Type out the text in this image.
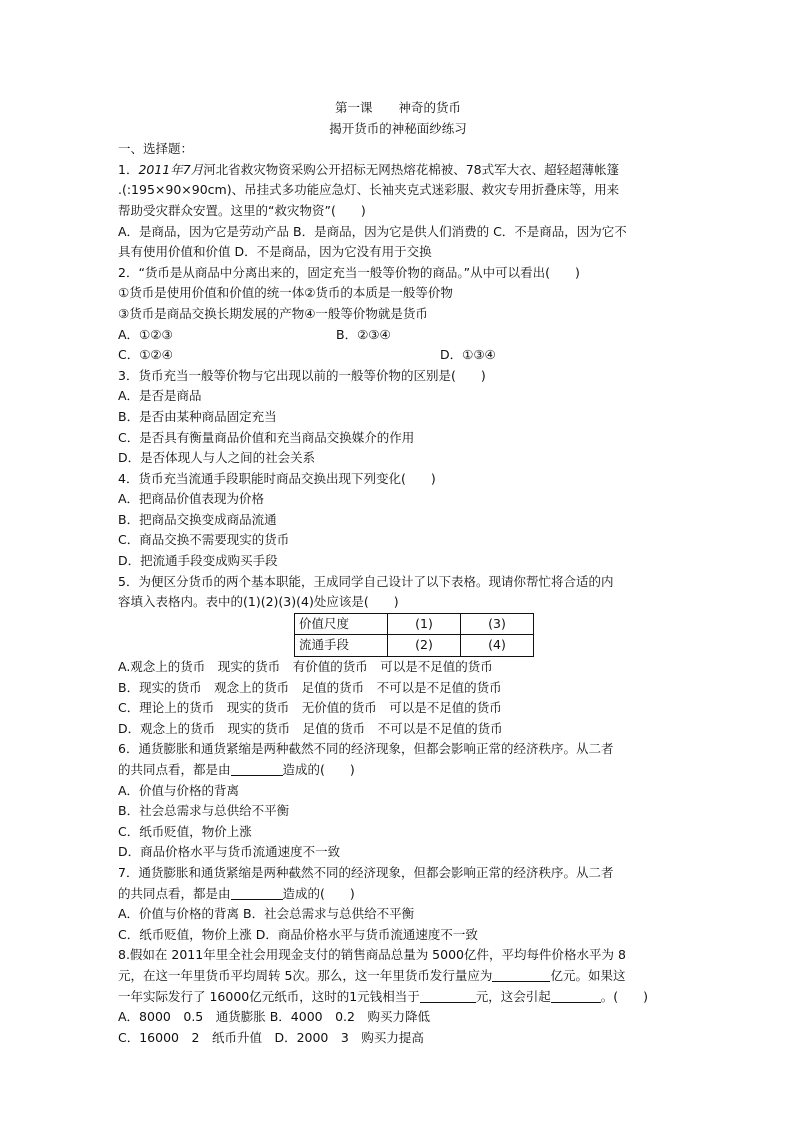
第一课 神奇的货币
揭开货币的神秘面纱练习
一、选择题：
1．2011年7月河北省救灾物资采购公开招标无网热熔花棉被、78式军大衣、超轻超薄帐篷
.(:195×90×90cm)、吊挂式多功能应急灯、长袖夹克式迷彩服、救灾专用折叠床等，用来
帮助受灾群众安置。这里的“救灾物资”(　　)
A．是商品，因为它是劳动产品 B．是商品，因为它是供人们消费的 C．不是商品，因为它不
具有使用价值和价值 D．不是商品，因为它没有用于交换
2．“货币是从商品中分离出来的，固定充当一般等价物的商品。”从中可以看出(　　)
①货币是使用价值和价值的统一体②货币的本质是一般等价物
③货币是商品交换长期发展的产物④一般等价物就是货币
A．①②③	B．②③④
C．①②④	D．①③④
3．货币充当一般等价物与它出现以前的一般等价物的区别是(　　)
A．是否是商品
B．是否由某种商品固定充当
C．是否具有衡量商品价值和充当商品交换媒介的作用
D．是否体现人与人之间的社会关系
4．货币充当流通手段职能时商品交换出现下列变化(　　)
A．把商品价值表现为价格
B．把商品交换变成商品流通
C．商品交换不需要现实的货币
D．把流通手段变成购买手段
5．为便区分货币的两个基本职能，王成同学自己设计了以下表格。现请你帮忙将合适的内
容填入表格内。表中的(1)(2)(3)(4)处应该是(　　)
价值尺度	(1)	(3)
流通手段	(2)	(4)
A.观念上的货币　现实的货币　有价值的货币　可以是不足值的货币
B．现实的货币　观念上的货币　足值的货币　不可以是不足值的货币
C．理论上的货币　现实的货币　无价值的货币　可以是不足值的货币
D．观念上的货币　现实的货币　足值的货币　不可以是不足值的货币
6．通货膨胀和通货紧缩是两种截然不同的经济现象，但都会影响正常的经济秩序。从二者
的共同点看，都是由	造成的(　　)
A．价值与价格的背离
B．社会总需求与总供给不平衡
C．纸币贬值，物价上涨
D．商品价格水平与货币流通速度不一致
7．通货膨胀和通货紧缩是两种截然不同的经济现象，但都会影响正常的经济秩序。从二者
的共同点看，都是由	造成的(　　)
A．价值与价格的背离 B．社会总需求与总供给不平衡
C．纸币贬值，物价上涨 D．商品价格水平与货币流通速度不一致
8.假如在 2011年里全社会用现金支付的销售商品总量为 5000亿件，平均每件价格水平为 8
元，在这一年里货币平均周转 5次。那么，这一年里货币发行量应为	亿元。如果这
一年实际发行了 16000亿元纸币，这时的1元钱相当于	元，这会引起	。(　　)
A．8000　0.5　通货膨胀 B．4000　0.2　购买力降低
C．16000　2　纸币升值　D．2000　3　购买力提高
